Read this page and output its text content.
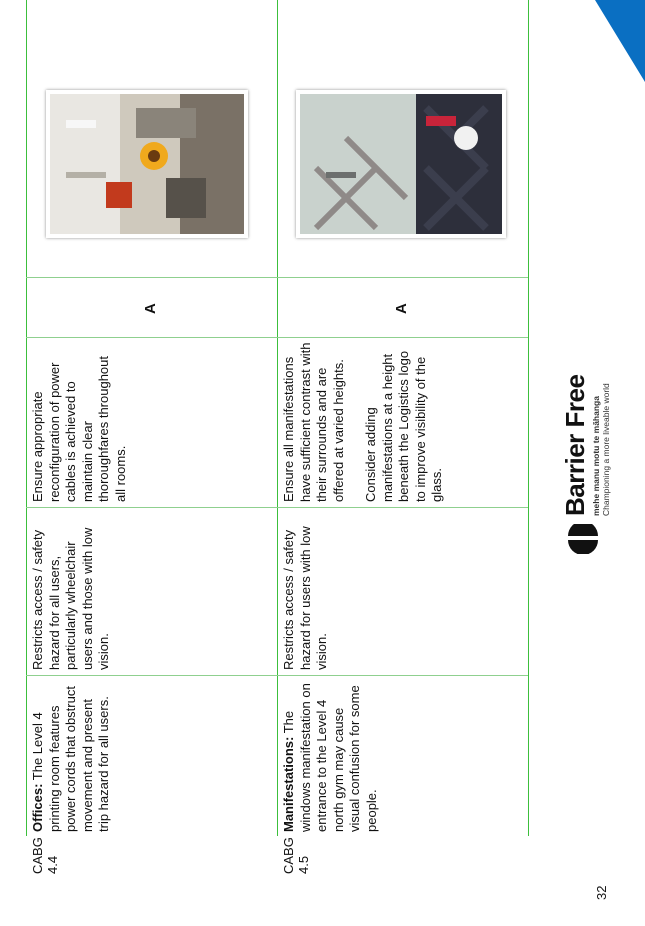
CABG 4.4
Offices: The Level 4 printing room features power cords that obstruct movement and present trip hazard for all users.
Restricts access / safety hazard for all users, particularly wheelchair users and those with low vision.
Ensure appropriate reconfiguration of power cables is achieved to maintain clear thoroughfares throughout all rooms.
A
CABG 4.5
Manifestations: The windows manifestation on entrance to the Level 4 north gym may cause visual confusion for some people.
Restricts access / safety hazard for users with low vision.
Ensure all manifestations have sufficient contrast with their surrounds and are offered at varied heights. Consider adding manifestations at a height beneath the Logistics logo to improve visibility of the glass.
A
Barrier Free mehe manu motu te māhanga Championing a more liveable world
32
